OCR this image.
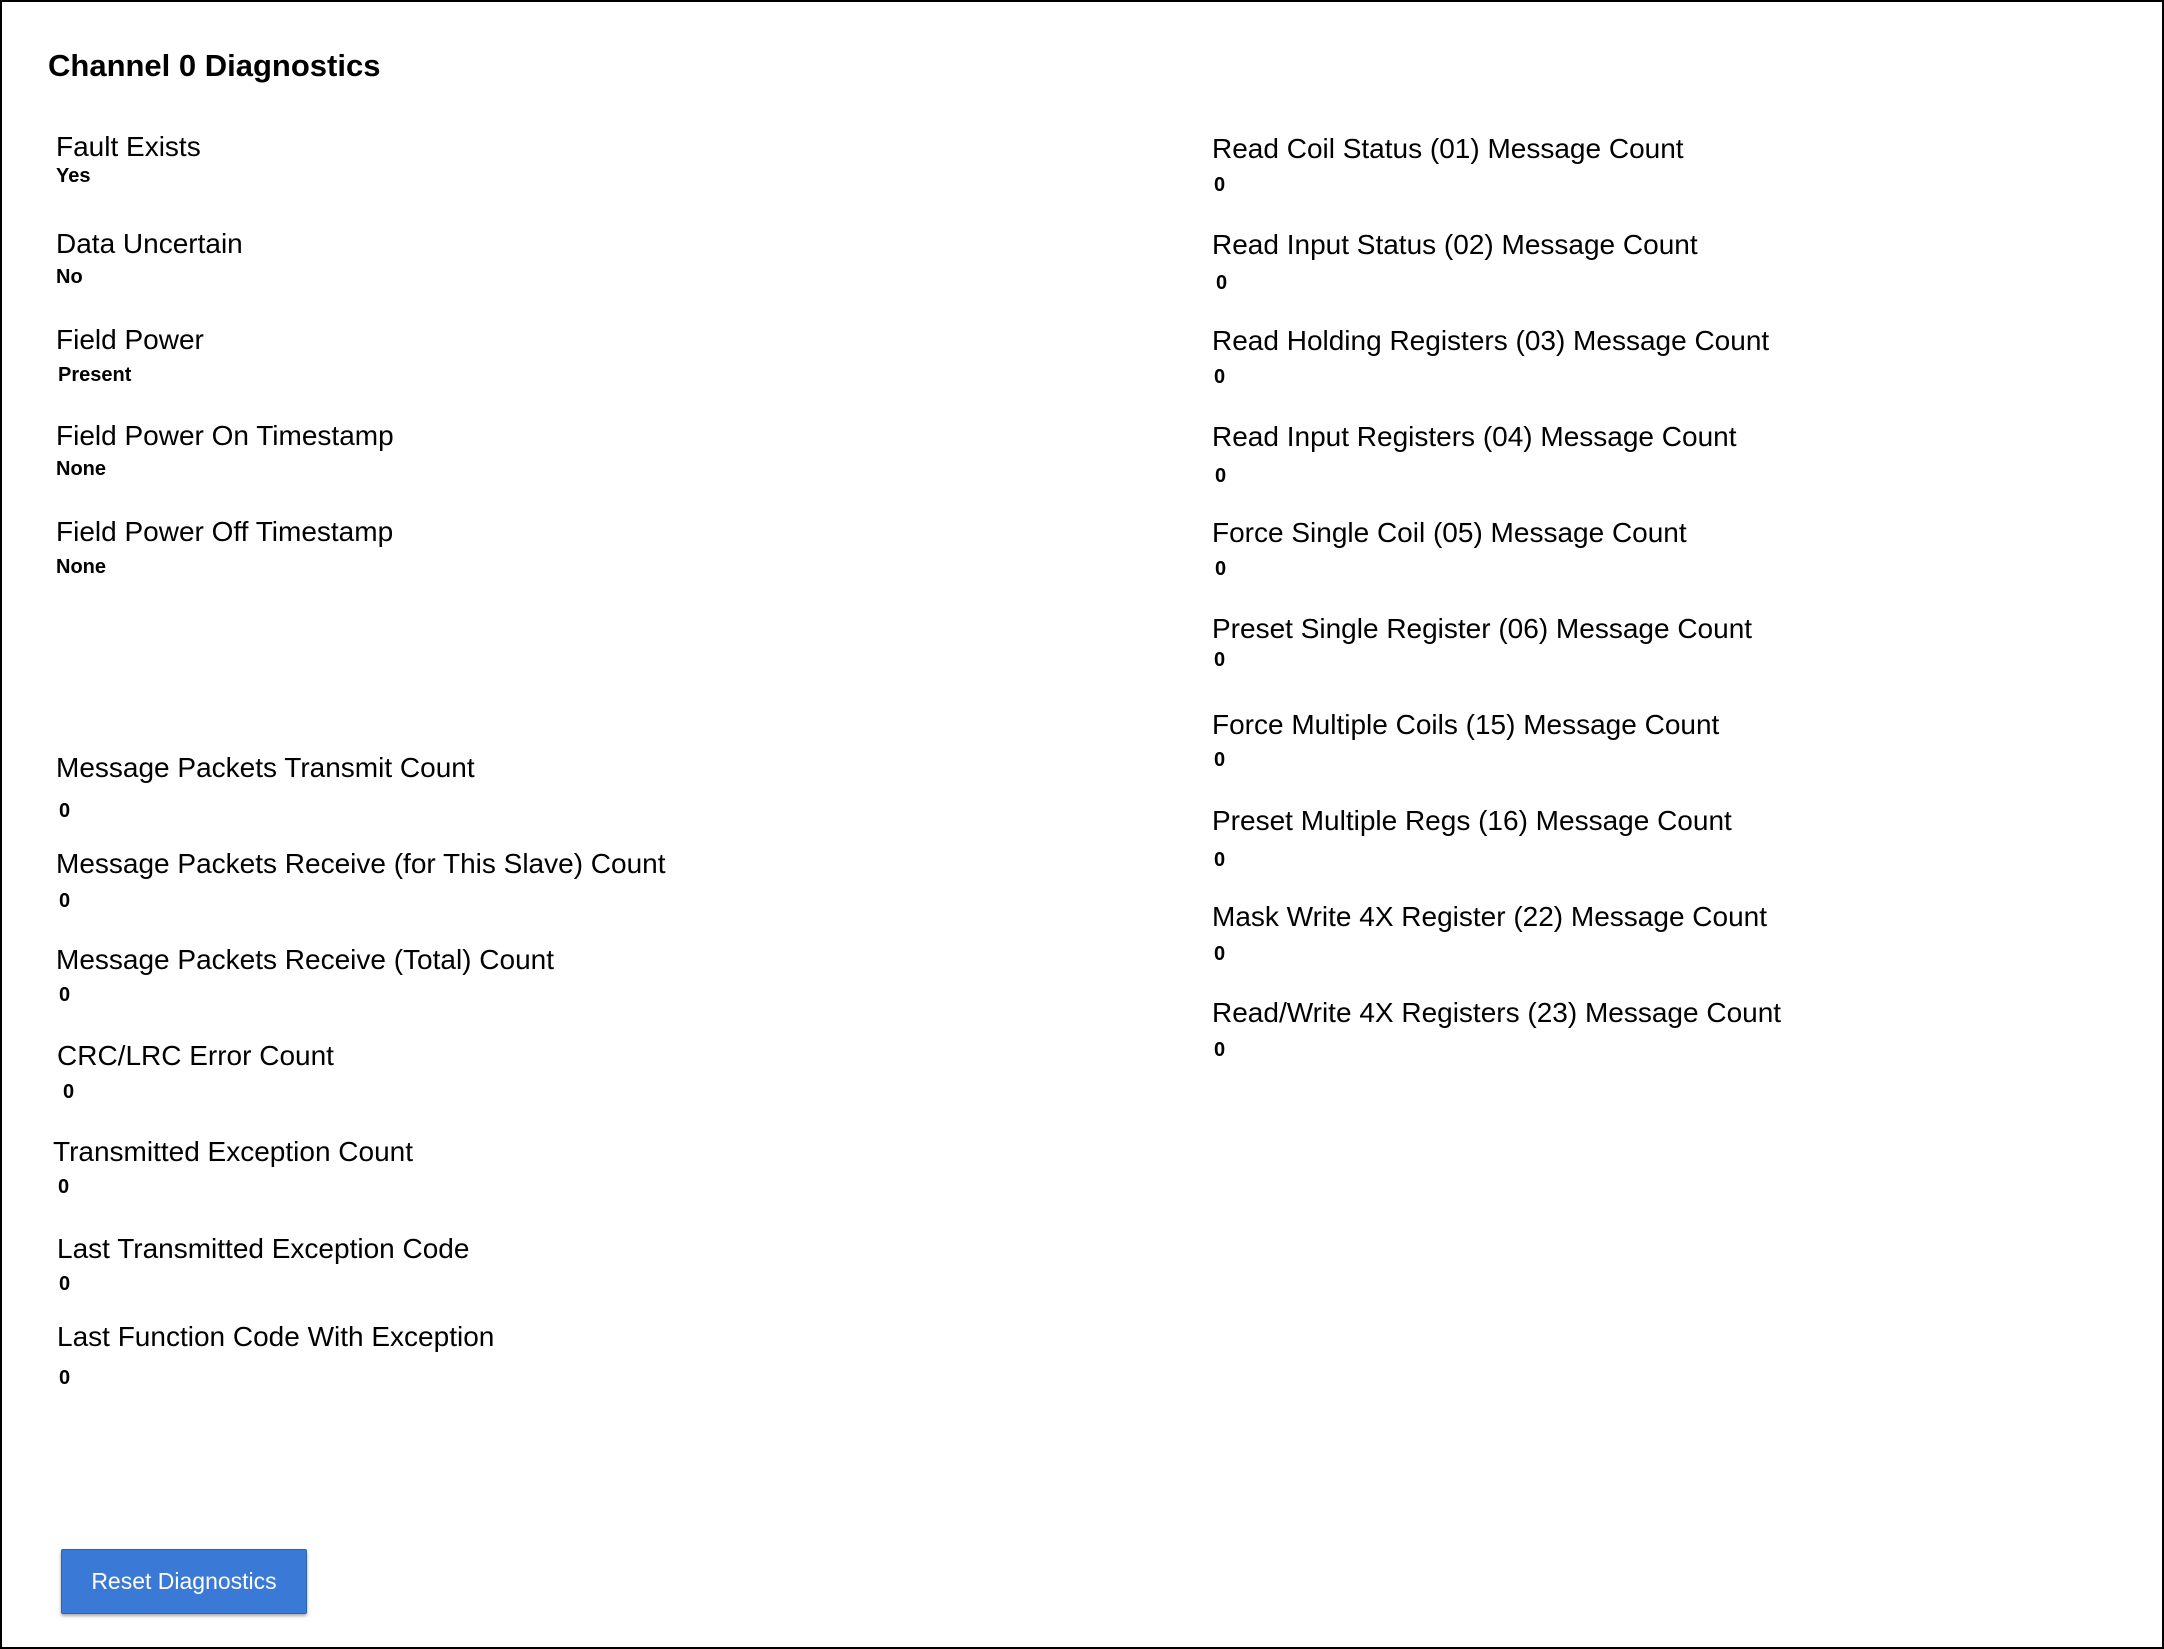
Channel 0 Diagnostics
Fault Exists
Yes
Data Uncertain
No
Field Power
Present
Field Power On Timestamp
None
Field Power Off Timestamp
None
Message Packets Transmit Count
0
Message Packets Receive (for This Slave) Count
0
Message Packets Receive (Total) Count
0
CRC/LRC Error Count
0
Transmitted Exception Count
0
Last Transmitted Exception Code
0
Last Function Code With Exception
0
Read Coil Status (01) Message Count
0
Read Input Status (02) Message Count
0
Read Holding Registers (03) Message Count
0
Read Input Registers (04) Message Count
0
Force Single Coil (05) Message Count
0
Preset Single Register (06) Message Count
0
Force Multiple Coils (15) Message Count
0
Preset Multiple Regs (16) Message Count
0
Mask Write 4X Register (22) Message Count
0
Read/Write 4X Registers (23) Message Count
0
Reset Diagnostics
